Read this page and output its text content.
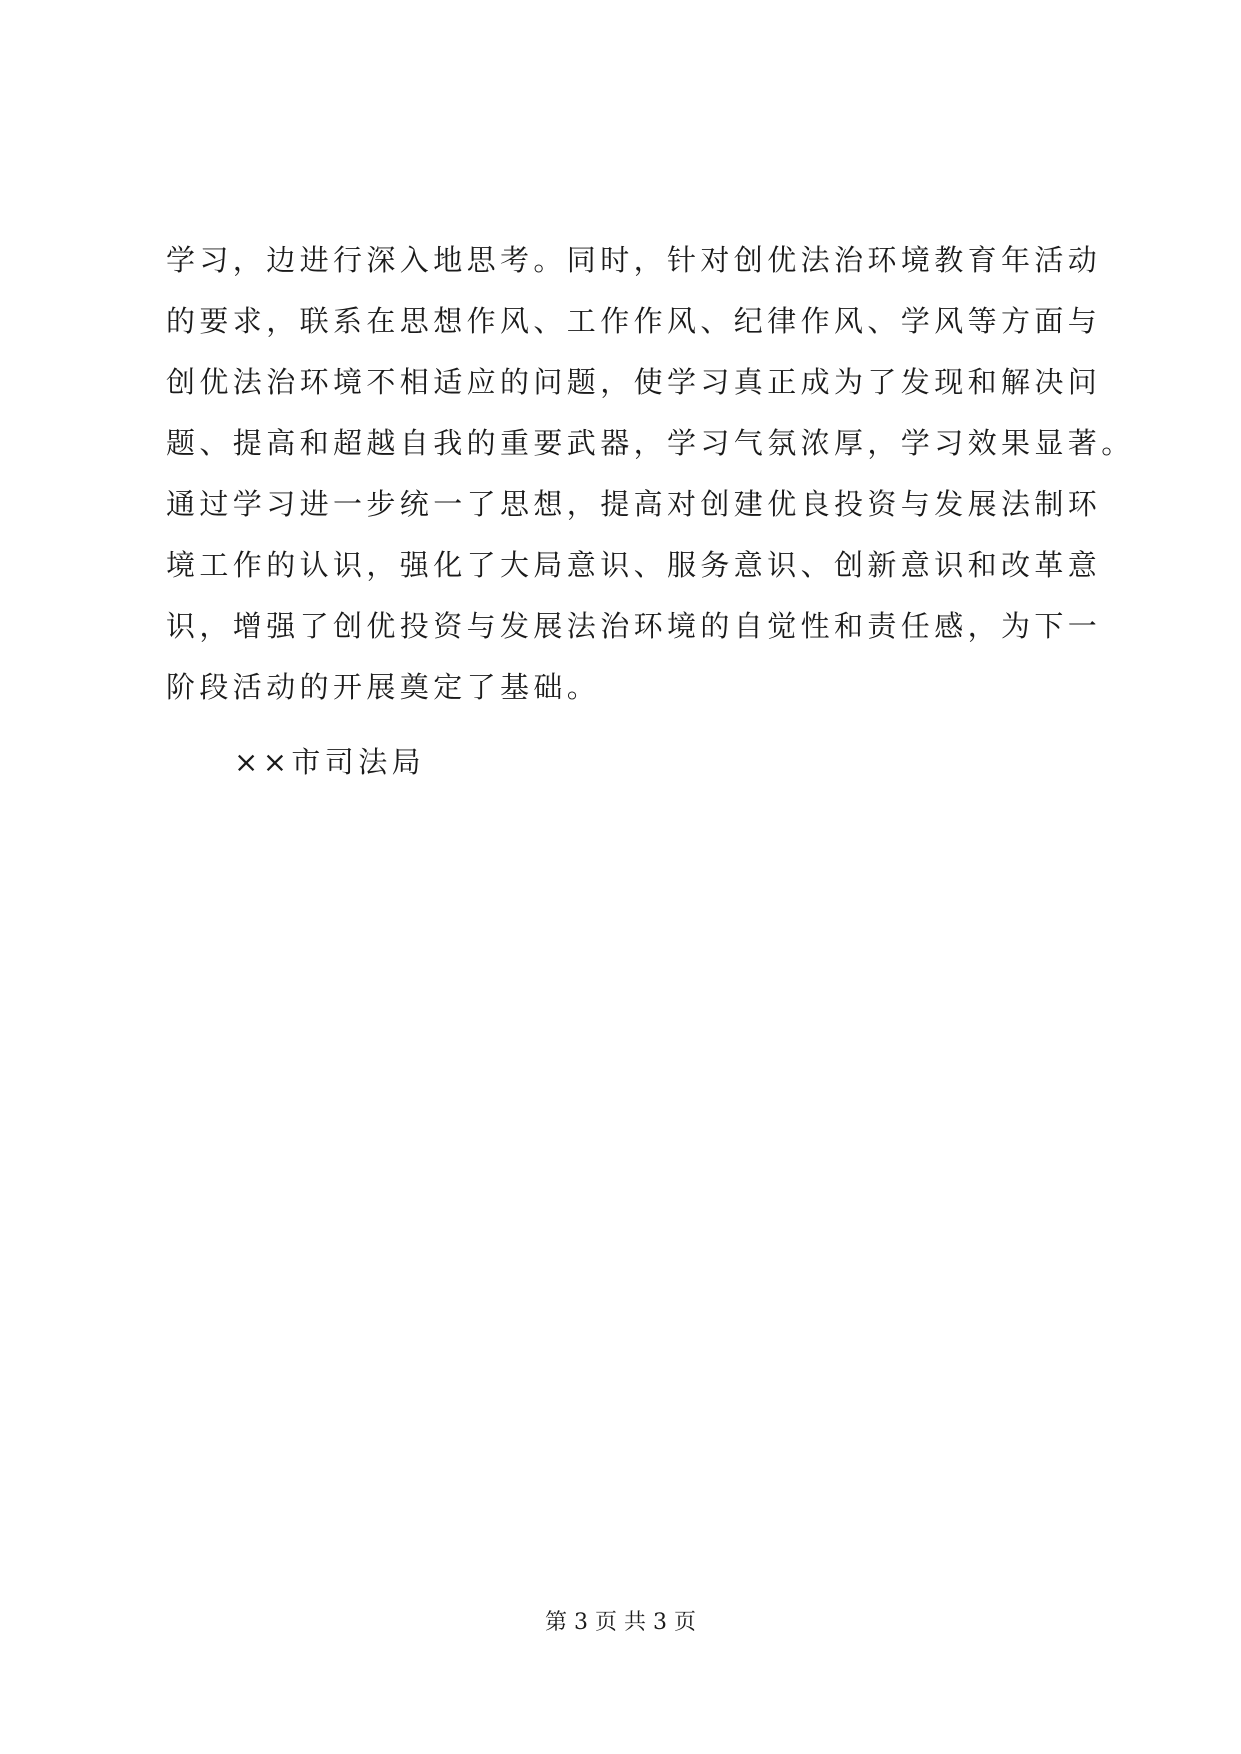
学习，边进行深入地思考。同时，针对创优法治环境教育年活动
的要求，联系在思想作风、工作作风、纪律作风、学风等方面与
创优法治环境不相适应的问题，使学习真正成为了发现和解决问
题、提高和超越自我的重要武器，学习气氛浓厚，学习效果显著。
通过学习进一步统一了思想，提高对创建优良投资与发展法制环
境工作的认识，强化了大局意识、服务意识、创新意识和改革意
识，增强了创优投资与发展法治环境的自觉性和责任感，为下一
阶段活动的开展奠定了基础。
××市司法局
第 3 页 共 3 页
